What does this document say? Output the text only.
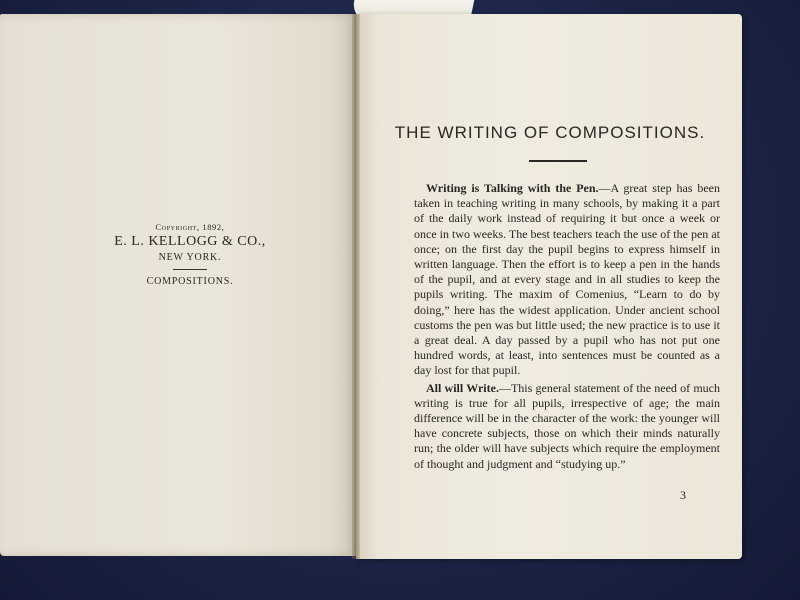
Copyright, 1892,
E. L. KELLOGG & CO.,
NEW YORK.
COMPOSITIONS.
THE WRITING OF COMPOSITIONS.

Writing is Talking with the Pen.—A great step has been taken in teaching writing in many schools, by making it a part of the daily work instead of requiring it but once a week or once in two weeks. The best teachers teach the use of the pen at once; on the first day the pupil begins to express himself in written language. Then the effort is to keep a pen in the hands of the pupil, and at every stage and in all studies to keep the pupils writing. The maxim of Comenius, “Learn to do by doing,” here has the widest application. Under ancient school customs the pen was but little used; the new practice is to use it a great deal. A day passed by a pupil who has not put one hundred words, at least, into sentences must be counted as a day lost for that pupil.

All will Write.—This general statement of the need of much writing is true for all pupils, irrespective of age; the main difference will be in the character of the work: the younger will have concrete subjects, those on which their minds naturally run; the older will have subjects which require the employment of thought and judgment and “studying up.”

3
